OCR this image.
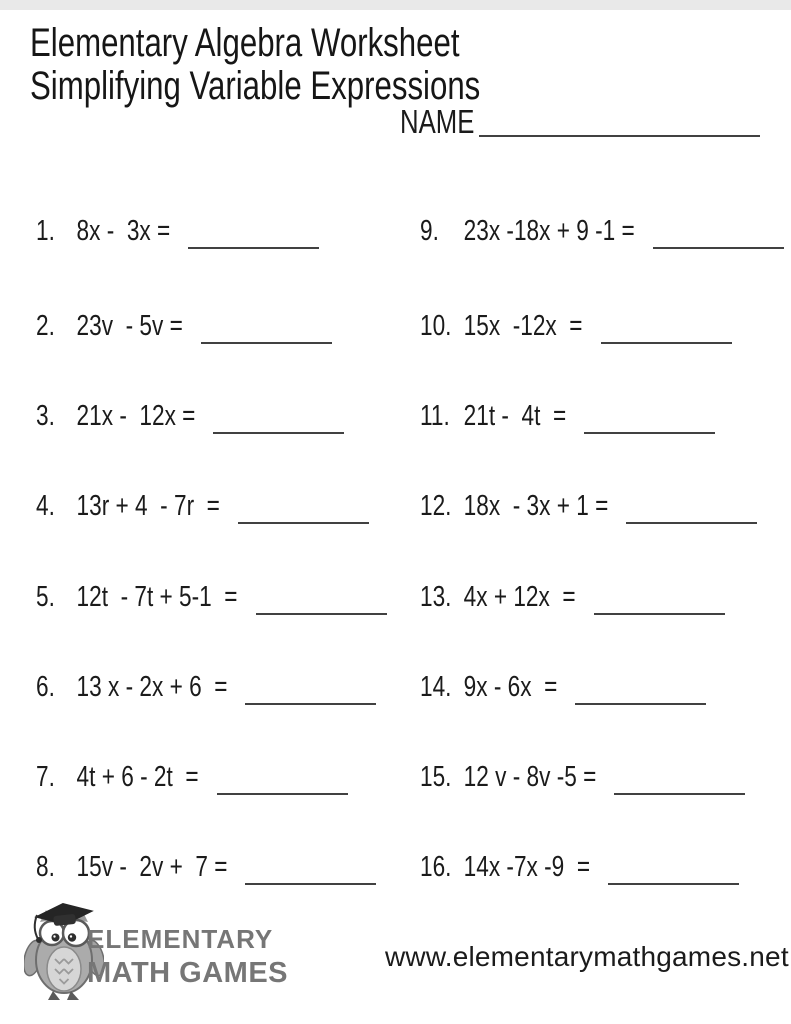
Elementary Algebra Worksheet Simplifying Variable Expressions
NAME
1. 8x -  3x =
2. 23v  - 5v =
3. 21x -  12x =
4. 13r + 4  - 7r  =
5. 12t  - 7t + 5-1  =
6. 13 x - 2x + 6  =
7. 4t + 6 - 2t  =
8. 15v -  2v +  7 =
9. 23x -18x + 9 -1 =
10. 15x  -12x  =
11. 21t -  4t  =
12. 18x  - 3x + 1 =
13. 4x + 12x  =
14. 9x - 6x  =
15. 12 v - 8v -5 =
16. 14x -7x -9  =
ELEMENTARY
MATH GAMES
www.elementarymathgames.net
